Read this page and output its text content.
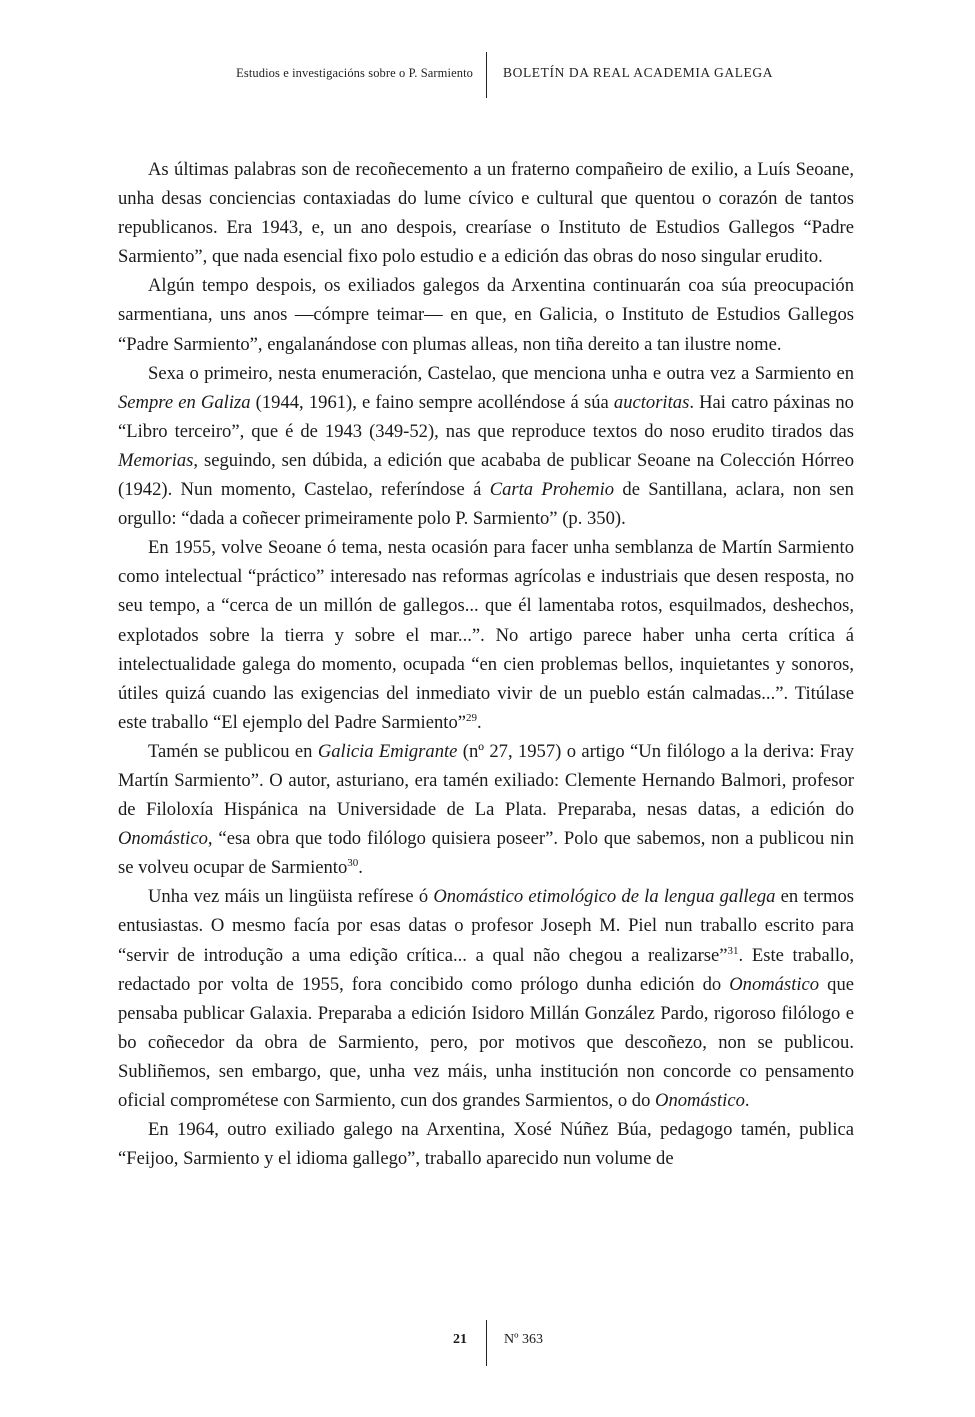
Estudios e investigacións sobre o P. Sarmiento BOLETÍN DA REAL ACADEMIA GALEGA

As últimas palabras son de recoñecemento a un fraterno compañeiro de exilio, a Luís Seoane, unha desas conciencias contaxiadas do lume cívico e cultural que quentou o corazón de tantos republicanos. Era 1943, e, un ano despois, crearíase o Instituto de Estudios Gallegos “Padre Sarmiento”, que nada esencial fixo polo estudio e a edición das obras do noso singular erudito.

Algún tempo despois, os exiliados galegos da Arxentina continuarán coa súa preocupación sarmentiana, uns anos —cómpre teimar— en que, en Galicia, o Instituto de Estudios Gallegos “Padre Sarmiento”, engalanándose con plumas alleas, non tiña dereito a tan ilustre nome.

Sexa o primeiro, nesta enumeración, Castelao, que menciona unha e outra vez a Sarmiento en Sempre en Galiza (1944, 1961), e faino sempre acolléndose á súa auctoritas. Hai catro páxinas no “Libro terceiro”, que é de 1943 (349-52), nas que reproduce textos do noso erudito tirados das Memorias, seguindo, sen dúbida, a edición que acababa de publicar Seoane na Colección Hórreo (1942). Nun momento, Castelao, referíndose á Carta Prohemio de Santillana, aclara, non sen orgullo: “dada a coñecer primeiramente polo P. Sarmiento” (p. 350).

En 1955, volve Seoane ó tema, nesta ocasión para facer unha semblanza de Martín Sarmiento como intelectual “práctico” interesado nas reformas agrícolas e industriais que desen resposta, no seu tempo, a “cerca de un millón de gallegos... que él lamentaba rotos, esquilmados, deshechos, explotados sobre la tierra y sobre el mar...”. No artigo parece haber unha certa crítica á intelectualidade galega do momento, ocupada “en cien problemas bellos, inquietantes y sonoros, útiles quizá cuando las exigencias del inmediato vivir de un pueblo están calmadas...”. Titúlase este traballo “El ejemplo del Padre Sarmiento”$^{29}$.

Tamén se publicou en Galicia Emigrante (nº 27, 1957) o artigo “Un filólogo a la deriva: Fray Martín Sarmiento”. O autor, asturiano, era tamén exiliado: Clemente Hernando Balmori, profesor de Filoloxía Hispánica na Universidade de La Plata. Preparaba, nesas datas, a edición do Onomástico, “esa obra que todo filólogo quisiera poseer”. Polo que sabemos, non a publicou nin se volveu ocupar de Sarmiento$^{30}$.

Unha vez máis un lingüista refírese ó Onomástico etimológico de la lengua gallega en termos entusiastas. O mesmo facía por esas datas o profesor Joseph M. Piel nun traballo escrito para “servir de introdução a uma edição crítica... a qual não chegou a realizarse”$^{31}$. Este traballo, redactado por volta de 1955, fora concibido como prólogo dunha edición do Onomástico que pensaba publicar Galaxia. Preparaba a edición Isidoro Millán González Pardo, rigoroso filólogo e bo coñecedor da obra de Sarmiento, pero, por motivos que descoñezo, non se publicou. Subliñemos, sen embargo, que, unha vez máis, unha institución non concorde co pensamento oficial comprométese con Sarmiento, cun dos grandes Sarmientos, o do Onomástico.

En 1964, outro exiliado galego na Arxentina, Xosé Núñez Búa, pedagogo tamén, publica “Feijoo, Sarmiento y el idioma gallego”, traballo aparecido nun volume de

21	Nº 363
